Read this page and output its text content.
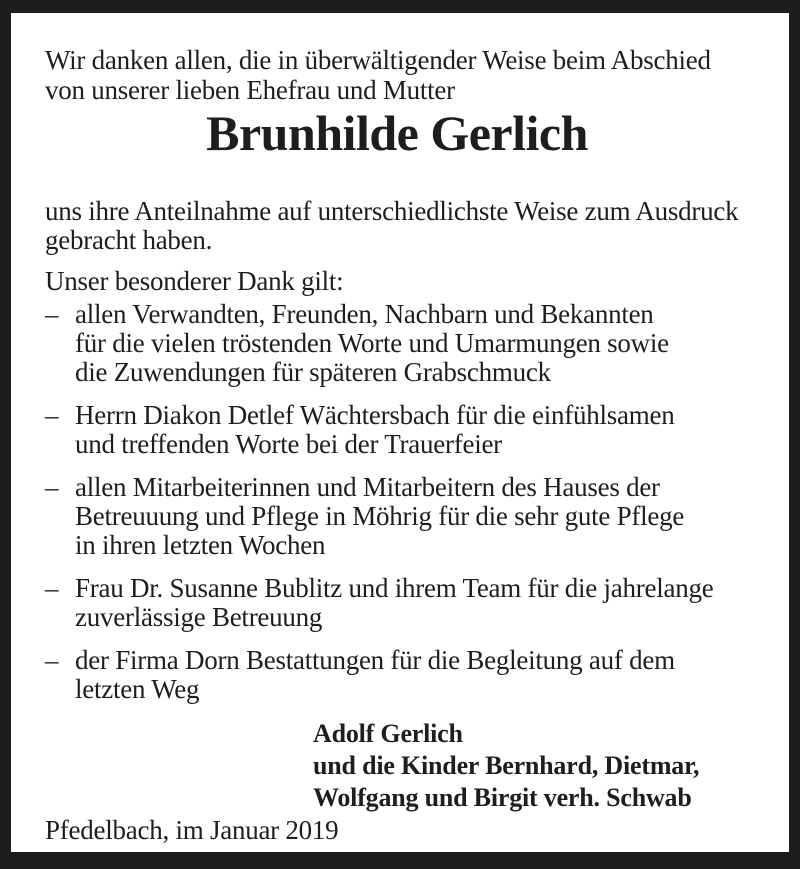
Wir danken allen, die in überwältigender Weise beim Abschied
von unserer lieben Ehefrau und Mutter
Brunhilde Gerlich
uns ihre Anteilnahme auf unterschiedlichste Weise zum Ausdruck
gebracht haben.
Unser besonderer Dank gilt:
– allen Verwandten, Freunden, Nachbarn und Bekannten
für die vielen tröstenden Worte und Umarmungen sowie
die Zuwendungen für späteren Grabschmuck
– Herrn Diakon Detlef Wächtersbach für die einfühlsamen
und treffenden Worte bei der Trauerfeier
– allen Mitarbeiterinnen und Mitarbeitern des Hauses der
Betreuuung und Pflege in Möhrig für die sehr gute Pflege
in ihren letzten Wochen
– Frau Dr. Susanne Bublitz und ihrem Team für die jahrelange
zuverlässige Betreuung
– der Firma Dorn Bestattungen für die Begleitung auf dem
letzten Weg
Adolf Gerlich
und die Kinder Bernhard, Dietmar,
Wolfgang und Birgit verh. Schwab
Pfedelbach, im Januar 2019
